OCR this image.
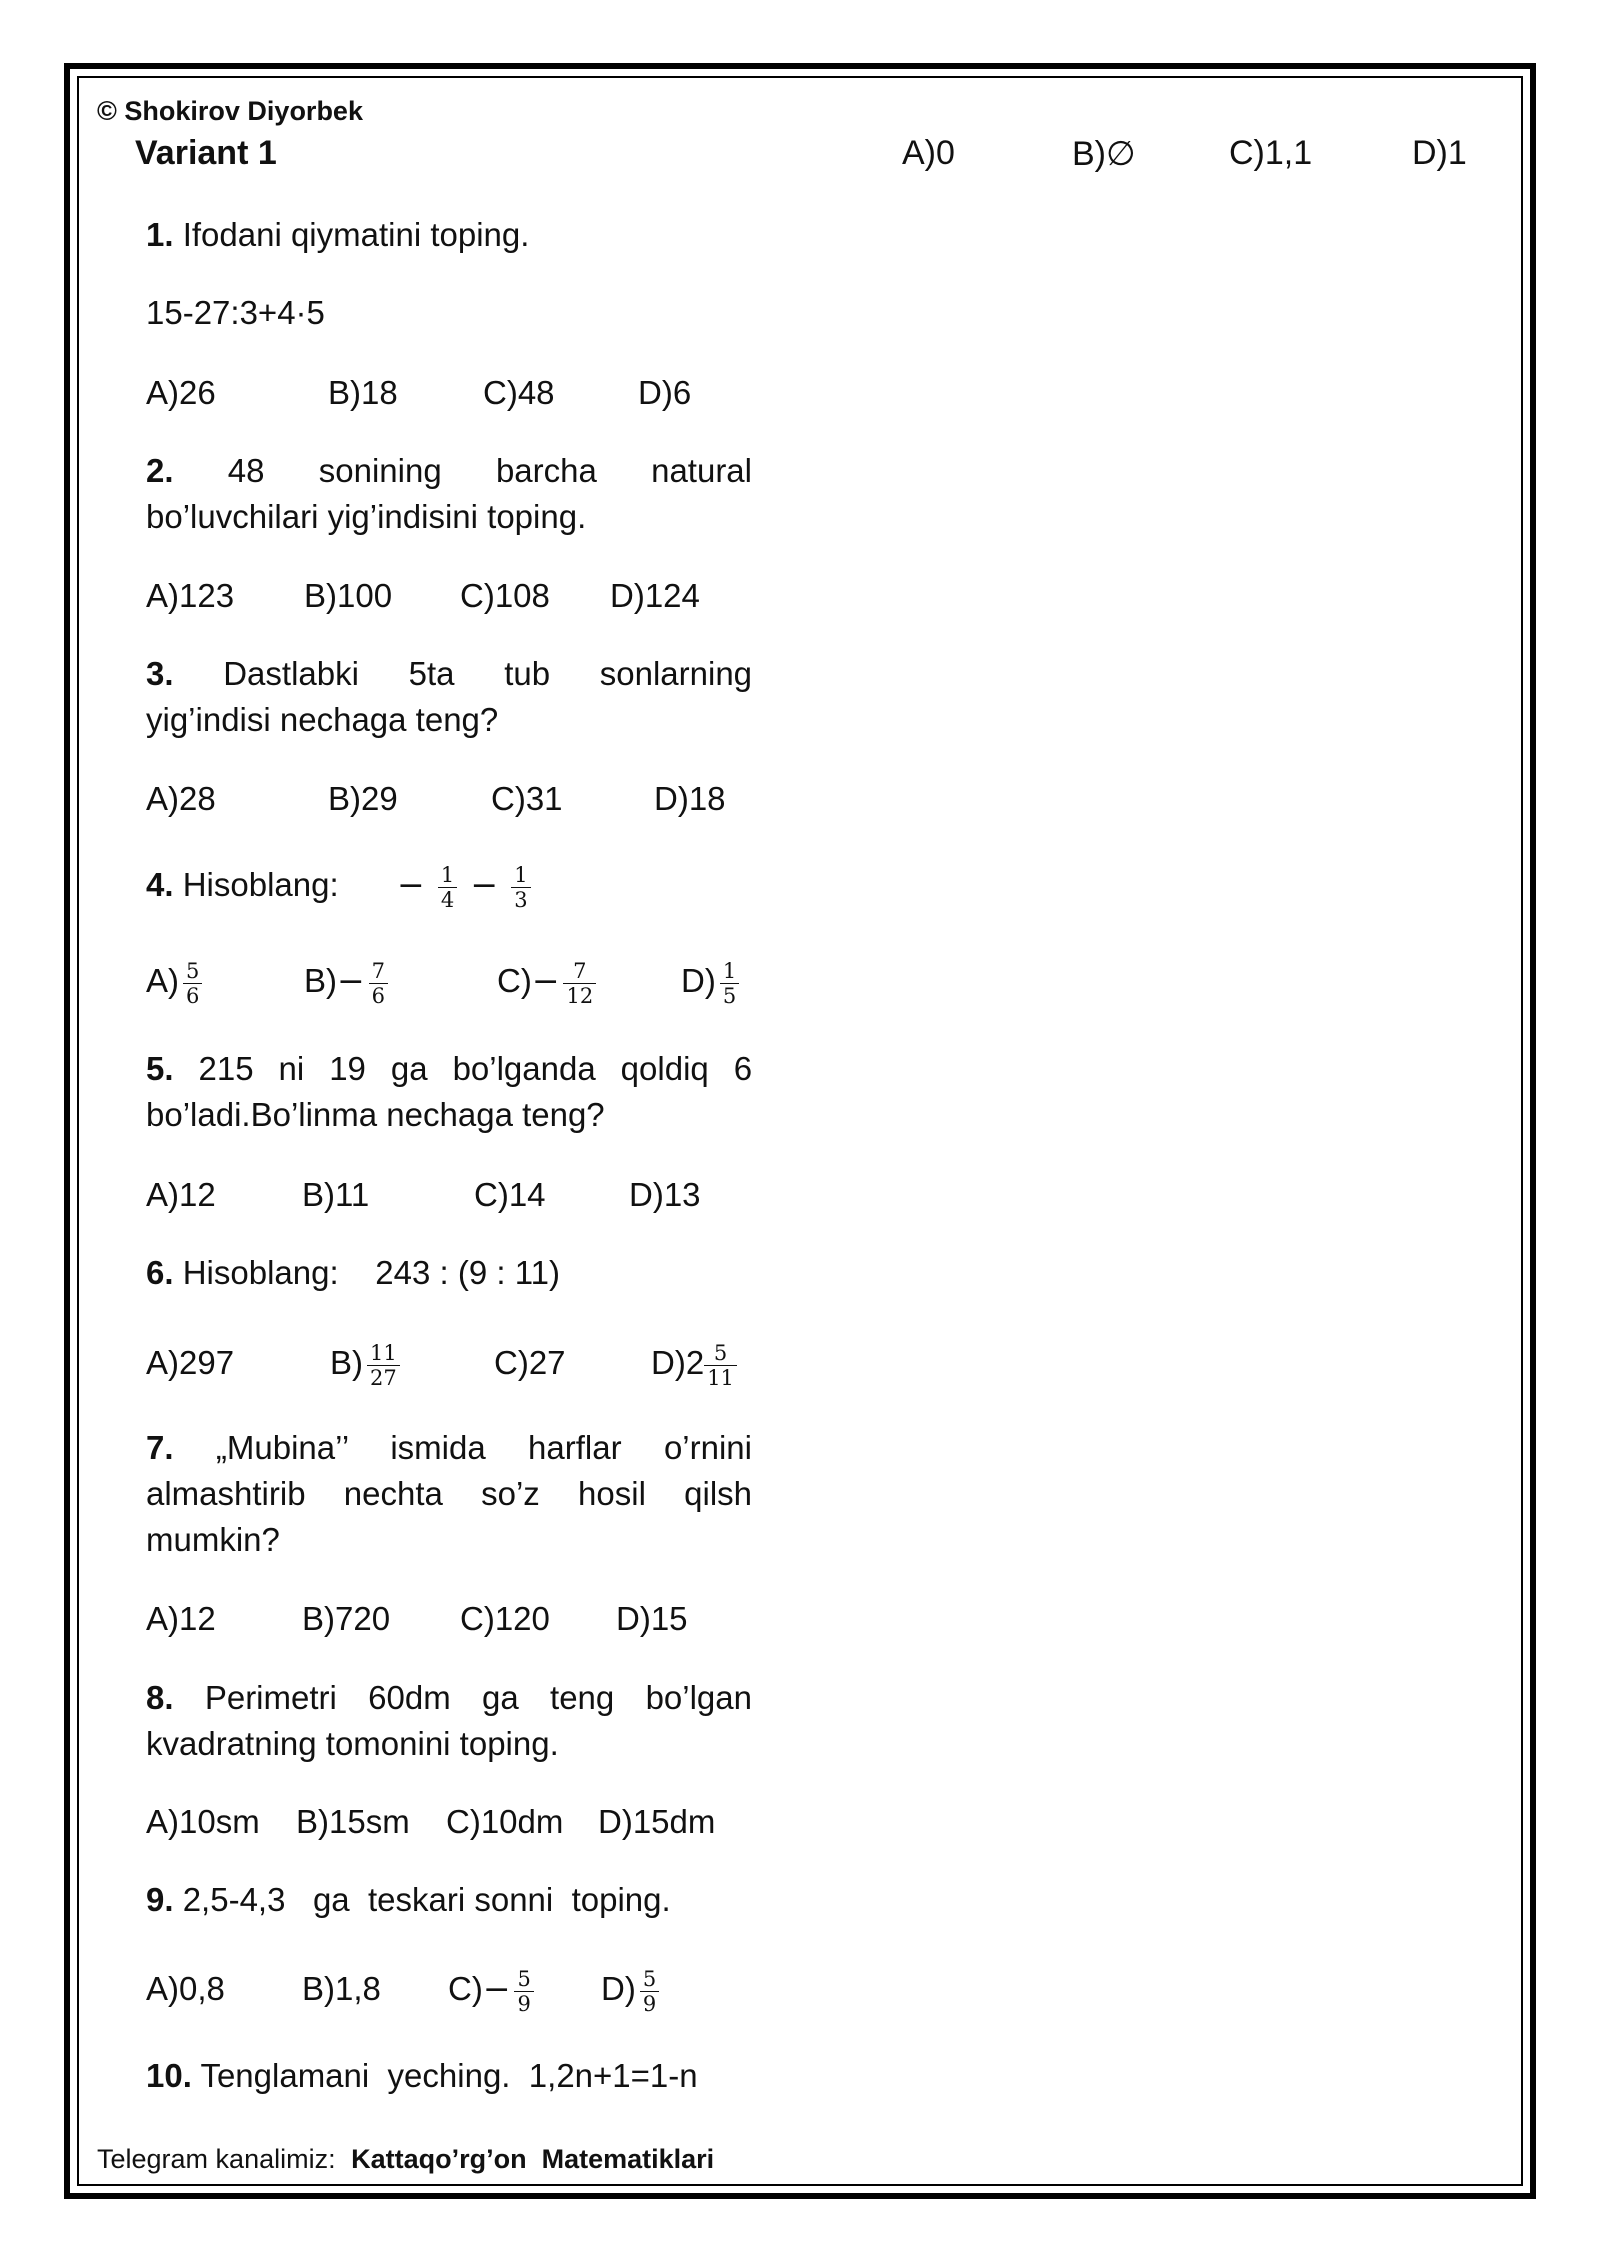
© Shokirov Diyorbek
Variant 1	A)0	B)∅	C)1,1	D)1
1. Ifodani qiymatini toping.
15-27:3+4·5
A)26	B)18	C)48	D)6
2. 48 sonining barcha natural
bo’luvchilari yig’indisini toping.
A)123 B)100 C)108 D)124
3. Dastlabki 5ta tub sonlarning
yig’indisi nechaga teng?
A)28	B)29	C)31	D)18
4. Hisoblang: − $\frac{1}{4} - \frac{1}{3}$
$A) \frac{5}{6}$	$B)- \frac{7}{6}$	$C)- \frac{7}{12}$	$D) \frac{1}{5}$
5. 215 ni 19 ga bo’lganda qoldiq 6
bo’ladi.Bo’linma nechaga teng?
A)12	B)11	C)14	D)13
6. Hisoblang:    243 : (9 : 11)
A)297	$B) \frac{11}{27}$	C)27	$D)2 \frac{5}{11}$
7. „Mubina’’ ismida harflar o’rnini
almashtirib nechta so’z hosil qilsh
mumkin?
A)12	B)720 C)120 D)15
8. Perimetri 60dm ga teng bo’lgan
kvadratning tomonini toping.
A)10sm B)15sm C)10dm D)15dm
9. 2,5-4,3   ga  teskari sonni  toping.
A)0,8 B)1,8 $C)- \frac{5}{9} D) \frac{5}{9}$
10. Tenglamani  yeching.  1,2n+1=1-n
Telegram kanalimiz: Kattaqo’rg’on  Matematiklari
